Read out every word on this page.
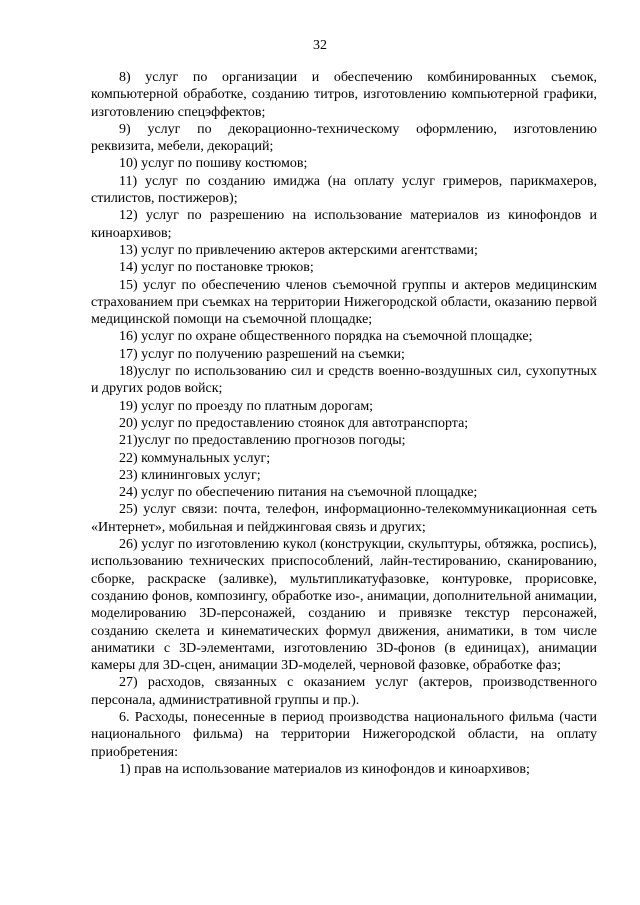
32

8) услуг по организации и обеспечению комбинированных съемок, компьютерной обработке, созданию титров, изготовлению компьютерной графики, изготовлению спецэффектов;

9) услуг по декорационно-техническому оформлению, изготовлению реквизита, мебели, декораций;

10) услуг по пошиву костюмов;

11) услуг по созданию имиджа (на оплату услуг гримеров, парикмахеров, стилистов, постижеров);

12) услуг по разрешению на использование материалов из кинофондов и киноархивов;

13) услуг по привлечению актеров актерскими агентствами;

14) услуг по постановке трюков;

15) услуг по обеспечению членов съемочной группы и актеров медицинским страхованием при съемках на территории Нижегородской области, оказанию первой медицинской помощи на съемочной площадке;

16) услуг по охране общественного порядка на съемочной площадке;

17) услуг по получению разрешений на съемки;

18)услуг по использованию сил и средств военно-воздушных сил, сухопутных и других родов войск;

19) услуг по проезду по платным дорогам;

20) услуг по предоставлению стоянок для автотранспорта;

21)услуг по предоставлению прогнозов погоды;

22) коммунальных услуг;

23) клининговых услуг;

24) услуг по обеспечению питания на съемочной площадке;

25) услуг связи: почта, телефон, информационно-телекоммуникационная сеть «Интернет», мобильная и пейджинговая связь и других;

26) услуг по изготовлению кукол (конструкции, скульптуры, обтяжка, роспись), использованию технических приспособлений, лайн-тестированию, сканированию, сборке, раскраске (заливке), мультипликатуфазовке, контуровке, прорисовке, созданию фонов, композингу, обработке изо-, анимации, дополнительной анимации, моделированию 3D-персонажей, созданию и привязке текстур персонажей, созданию скелета и кинематических формул движения, аниматики, в том числе аниматики с 3D-элементами, изготовлению 3D-фонов (в единицах), анимации камеры для 3D-сцен, анимации 3D-моделей, черновой фазовке, обработке фаз;

27) расходов, связанных с оказанием услуг (актеров, производственного персонала, административной группы и пр.).

6. Расходы, понесенные в период производства национального фильма (части национального фильма) на территории Нижегородской области, на оплату приобретения:

1) прав на использование материалов из кинофондов и киноархивов;
